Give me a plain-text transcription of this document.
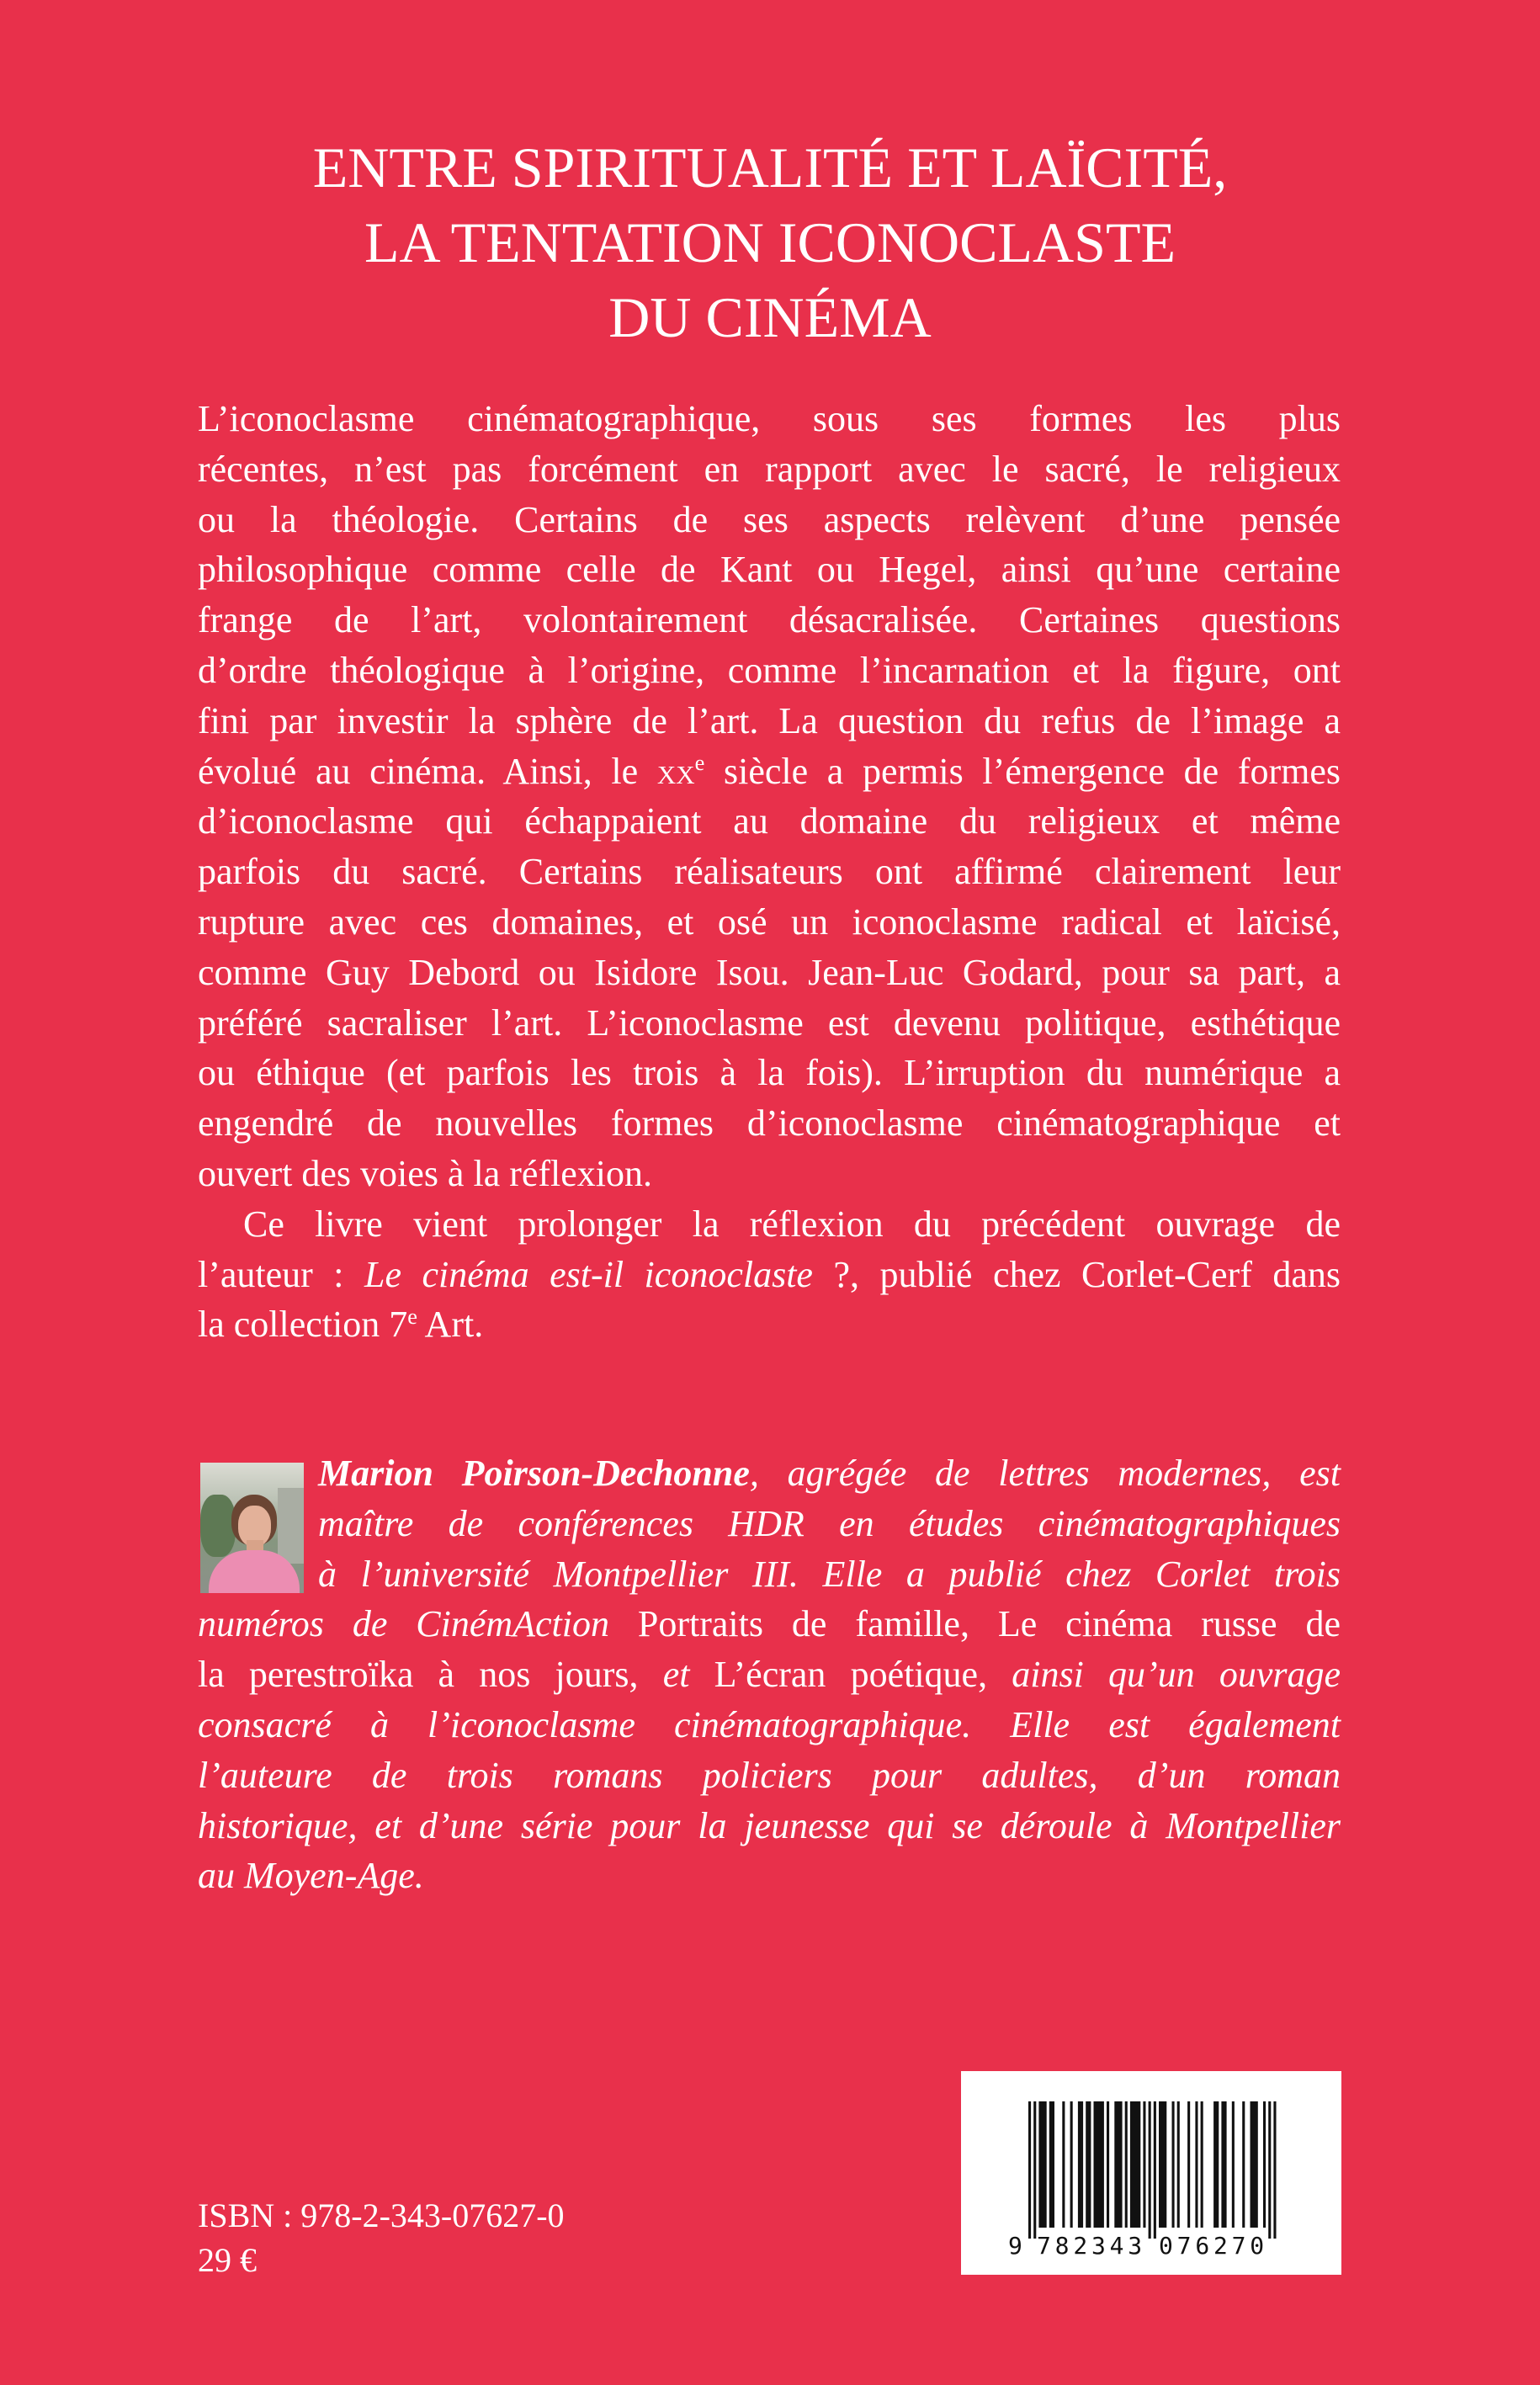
ENTRE SPIRITUALITÉ ET LAÏCITÉ,
LA TENTATION ICONOCLASTE
DU CINÉMA
L’iconoclasme cinématographique, sous ses formes les plus
récentes, n’est pas forcément en rapport avec le sacré, le religieux
ou la théologie. Certains de ses aspects relèvent d’une pensée
philosophique comme celle de Kant ou Hegel, ainsi qu’une certaine
frange de l’art, volontairement désacralisée. Certaines questions
d’ordre théologique à l’origine, comme l’incarnation et la figure, ont
fini par investir la sphère de l’art. La question du refus de l’image a
évolué au cinéma. Ainsi, le $xx^e$ siècle a permis l’émergence de formes
d’iconoclasme qui échappaient au domaine du religieux et même
parfois du sacré. Certains réalisateurs ont affirmé clairement leur
rupture avec ces domaines, et osé un iconoclasme radical et laïcisé,
comme Guy Debord ou Isidore Isou. Jean-Luc Godard, pour sa part, a
préféré sacraliser l’art. L’iconoclasme est devenu politique, esthétique
ou éthique (et parfois les trois à la fois). L’irruption du numérique a
engendré de nouvelles formes d’iconoclasme cinématographique et
ouvert des voies à la réflexion.
Ce livre vient prolonger la réflexion du précédent ouvrage de
l’auteur : Le cinéma est-il iconoclaste ?, publié chez Corlet-Cerf dans
la collection 7e Art.
Marion Poirson-Dechonne, agrégée de lettres modernes, est
maître de conférences HDR en études cinématographiques
à l’université Montpellier III. Elle a publié chez Corlet trois
numéros de CinémAction Portraits de famille, Le cinéma russe de
la perestroïka à nos jours, et L’écran poétique, ainsi qu’un ouvrage
consacré à l’iconoclasme cinématographique. Elle est également
l’auteure de trois romans policiers pour adultes, d’un roman
historique, et d’une série pour la jeunesse qui se déroule à Montpellier
au Moyen-Age.
9 782343 076270
ISBN : 978-2-343-07627-0
29 €
